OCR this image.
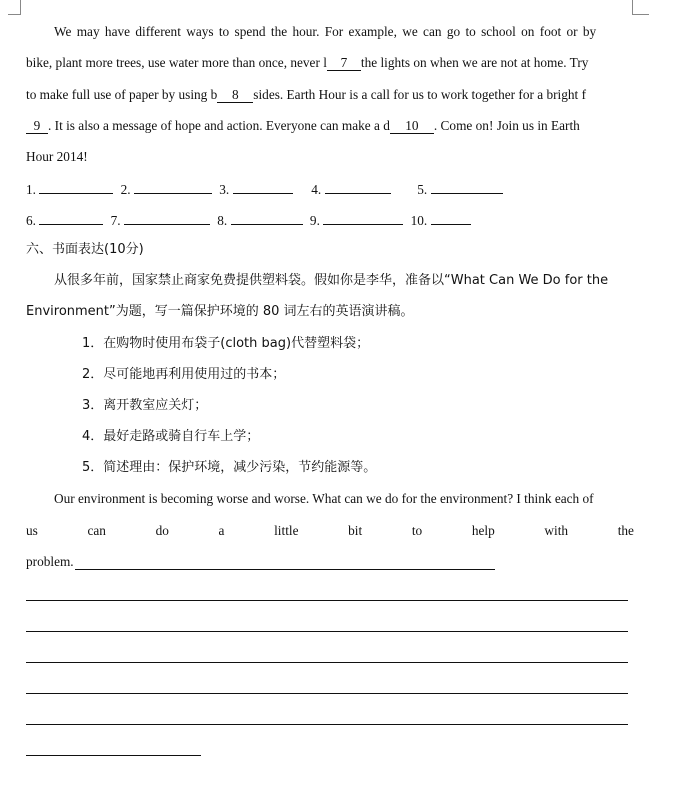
We may have different ways to spend the hour. For example, we can go to school on foot or by
bike, plant more trees, use water more than once, never l 7 the lights on when we are not at home. Try
to make full use of paper by using b 8 sides. Earth Hour is a call for us to work together for a bright f
9 . It is also a message of hope and action. Everyone can make a d 10 . Come on! Join us in Earth
Hour 2014!
1.	2.	3.	4.	5.
6.	7.	8.	9.	10.
六、书面表达(10分)
从很多年前，国家禁止商家免费提供塑料袋。假如你是李华，准备以“What Can We Do for the
Environment”为题，写一篇保护环境的 80 词左右的英语演讲稿。
1．在购物时使用布袋子(cloth bag)代替塑料袋；
2．尽可能地再利用使用过的书本；
3．离开教室应关灯；
4．最好走路或骑自行车上学；
5．简述理由：保护环境，减少污染，节约能源等。
Our environment is becoming worse and worse. What can we do for the environment? I think each of
us	can	do	a	little	bit	to	help	with	the
problem.
